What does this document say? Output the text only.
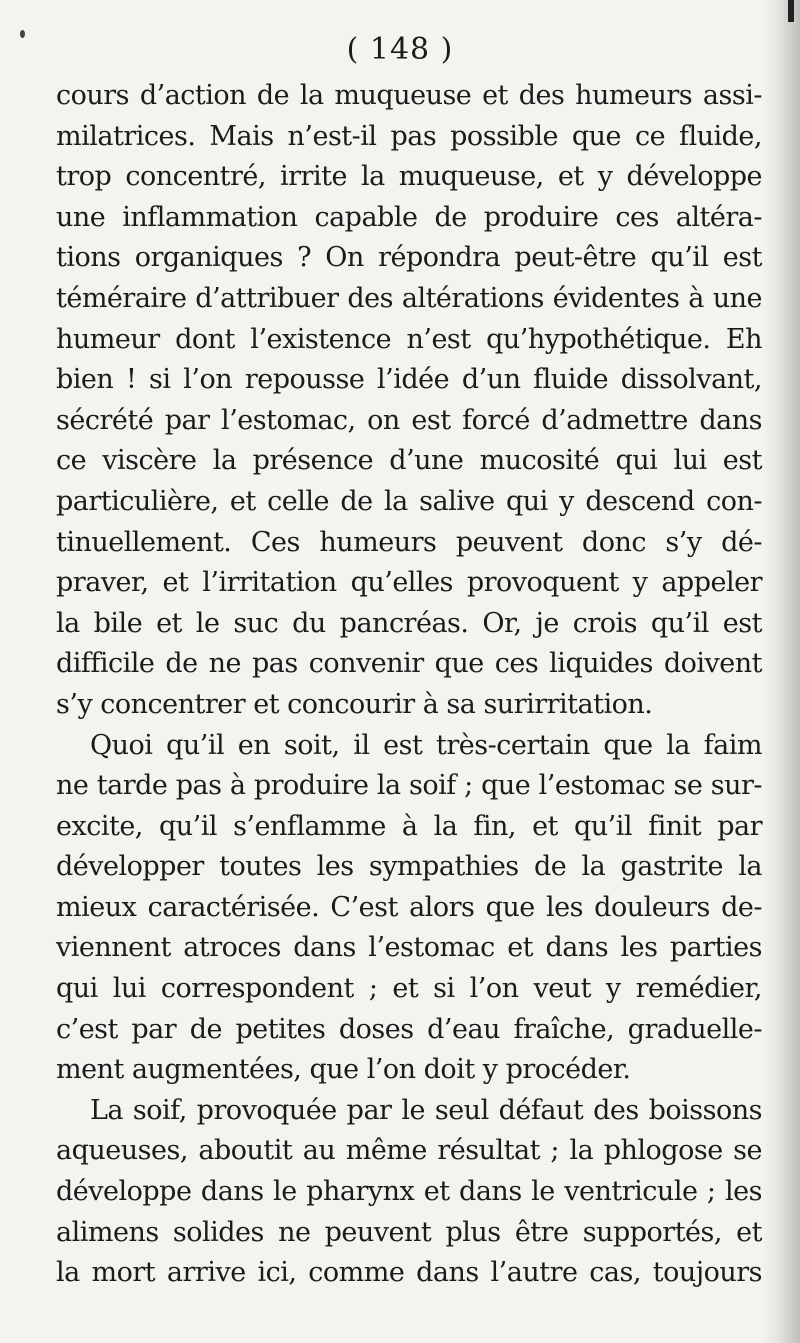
( 148 )
cours d’action de la muqueuse et des humeurs assi-
milatrices. Mais n’est-il pas possible que ce fluide,
trop concentré, irrite la muqueuse, et y développe
une inflammation capable de produire ces altéra-
tions organiques ? On répondra peut-être qu’il est
téméraire d’attribuer des altérations évidentes à une
humeur dont l’existence n’est qu’hypothétique. Eh
bien ! si l’on repousse l’idée d’un fluide dissolvant,
sécrété par l’estomac, on est forcé d’admettre dans
ce viscère la présence d’une mucosité qui lui est
particulière, et celle de la salive qui y descend con-
tinuellement. Ces humeurs peuvent donc s’y dé-
praver, et l’irritation qu’elles provoquent y appeler
la bile et le suc du pancréas. Or, je crois qu’il est
difficile de ne pas convenir que ces liquides doivent
s’y concentrer et concourir à sa surirritation.
Quoi qu’il en soit, il est très-certain que la faim
ne tarde pas à produire la soif ; que l’estomac se sur-
excite, qu’il s’enflamme à la fin, et qu’il finit par
développer toutes les sympathies de la gastrite la
mieux caractérisée. C’est alors que les douleurs de-
viennent atroces dans l’estomac et dans les parties
qui lui correspondent ; et si l’on veut y remédier,
c’est par de petites doses d’eau fraîche, graduelle-
ment augmentées, que l’on doit y procéder.
La soif, provoquée par le seul défaut des boissons
aqueuses, aboutit au même résultat ; la phlogose se
développe dans le pharynx et dans le ventricule ; les
alimens solides ne peuvent plus être supportés, et
la mort arrive ici, comme dans l’autre cas, toujours
